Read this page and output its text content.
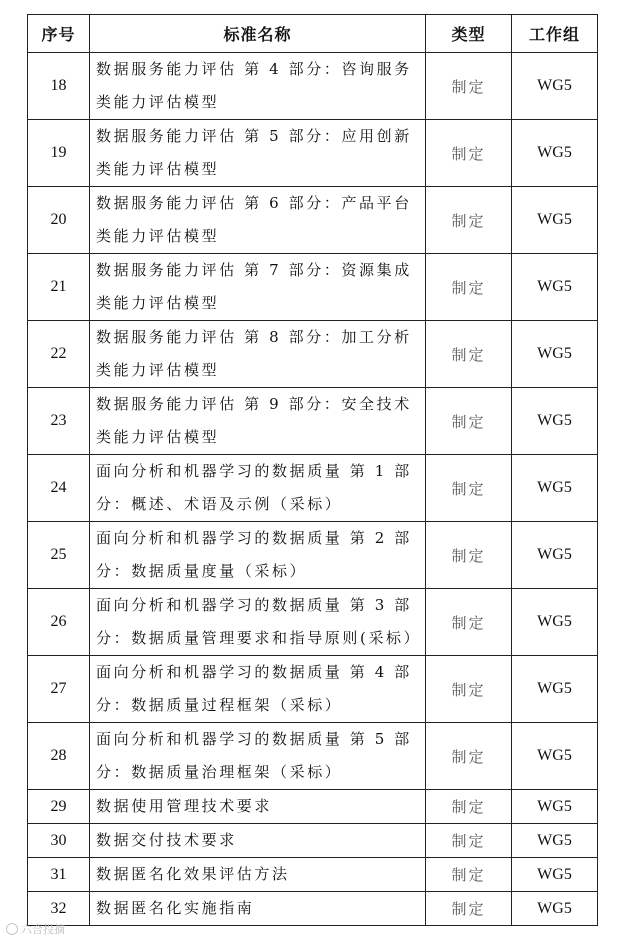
序号	标准名称	类型	工作组
18	数据服务能力评估 第 4 部分：咨询服务类能力评估模型	制定	WG5
19	数据服务能力评估 第 5 部分：应用创新类能力评估模型	制定	WG5
20	数据服务能力评估 第 6 部分：产品平台类能力评估模型	制定	WG5
21	数据服务能力评估 第 7 部分：资源集成类能力评估模型	制定	WG5
22	数据服务能力评估 第 8 部分：加工分析类能力评估模型	制定	WG5
23	数据服务能力评估 第 9 部分：安全技术类能力评估模型	制定	WG5
24	面向分析和机器学习的数据质量 第 1 部分：概述、术语及示例（采标）	制定	WG5
25	面向分析和机器学习的数据质量 第 2 部分：数据质量度量（采标）	制定	WG5
26	面向分析和机器学习的数据质量 第 3 部分：数据质量管理要求和指导原则(采标）	制定	WG5
27	面向分析和机器学习的数据质量 第 4 部分：数据质量过程框架（采标）	制定	WG5
28	面向分析和机器学习的数据质量 第 5 部分：数据质量治理框架（采标）	制定	WG5
29	数据使用管理技术要求	制定	WG5
30	数据交付技术要求	制定	WG5
31	数据匿名化效果评估方法	制定	WG5
32	数据匿名化实施指南	制定	WG5
六合投摘
